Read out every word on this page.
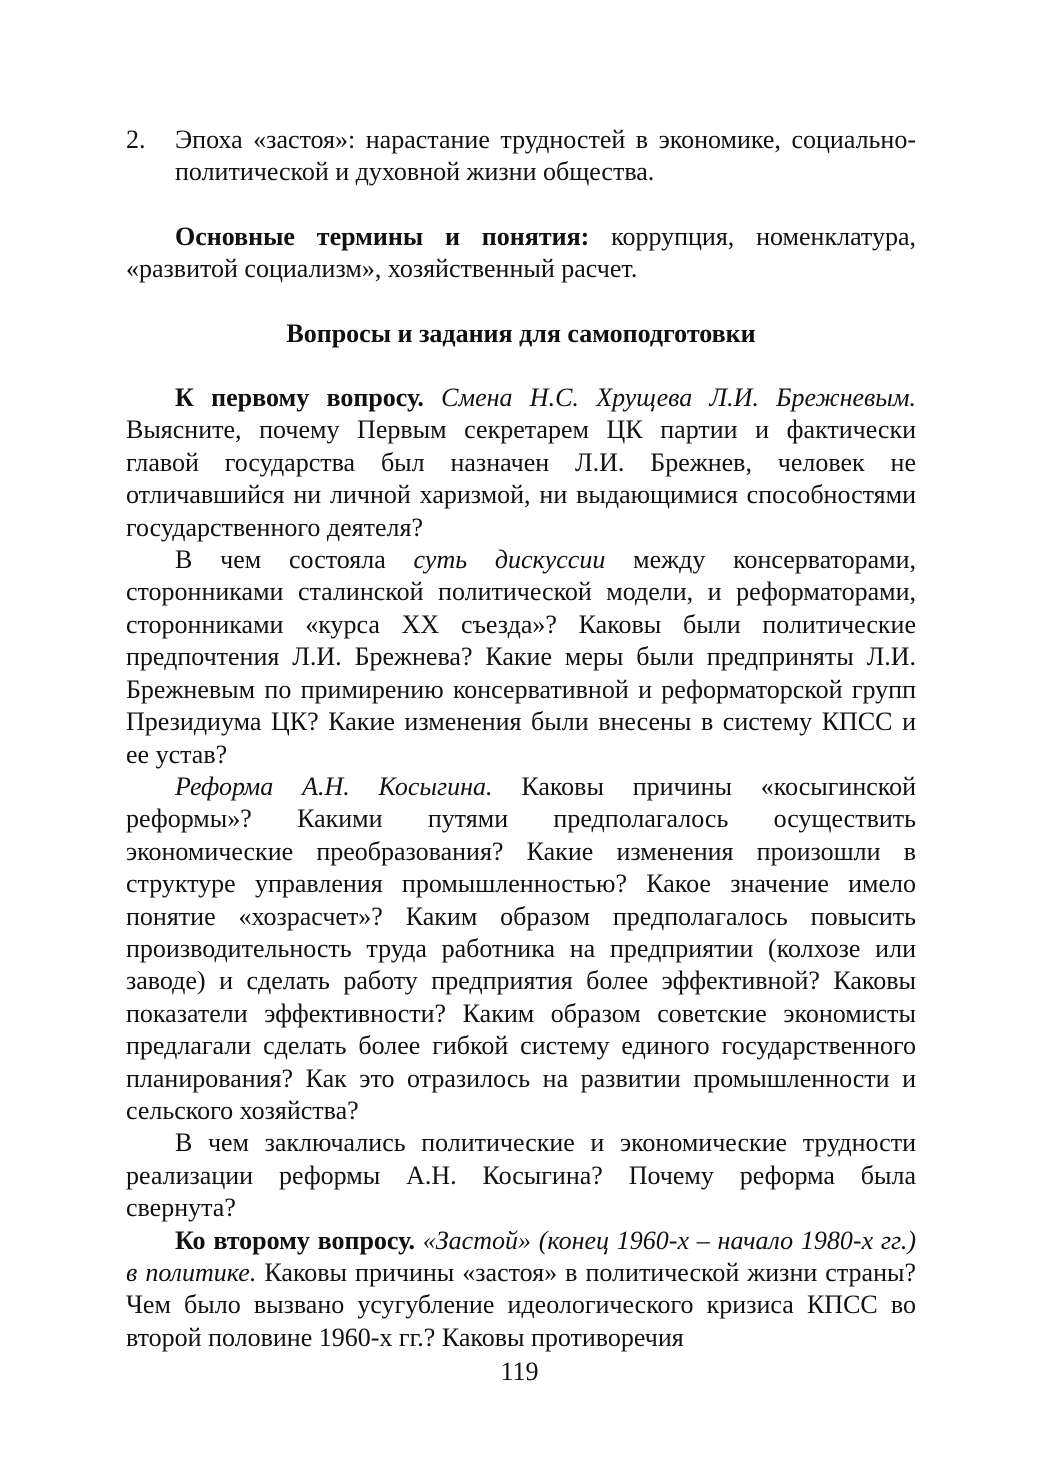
2.	Эпоха «застоя»: нарастание трудностей в экономике, социально-политической и духовной жизни общества.

Основные термины и понятия: коррупция, номенклатура, «развитой социализм», хозяйственный расчет.

Вопросы и задания для самоподготовки

К первому вопросу. Смена Н.С. Хрущева Л.И. Брежневым. Выясните, почему Первым секретарем ЦК партии и фактически главой государства был назначен Л.И. Брежнев, человек не отличавшийся ни личной харизмой, ни выдающимися способностями государственного деятеля?

В чем состояла суть дискуссии между консерваторами, сторонниками сталинской политической модели, и реформаторами, сторонниками «курса XX съезда»? Каковы были политические предпочтения Л.И. Брежнева? Какие меры были предприняты Л.И. Брежневым по примирению консервативной и реформаторской групп Президиума ЦК? Какие изменения были внесены в систему КПСС и ее устав?

Реформа А.Н. Косыгина. Каковы причины «косыгинской реформы»? Какими путями предполагалось осуществить экономические преобразования? Какие изменения произошли в структуре управления промышленностью? Какое значение имело понятие «хозрасчет»? Каким образом предполагалось повысить производительность труда работника на предприятии (колхозе или заводе) и сделать работу предприятия более эффективной? Каковы показатели эффективности? Каким образом советские экономисты предлагали сделать более гибкой систему единого государственного планирования? Как это отразилось на развитии промышленности и сельского хозяйства?

В чем заключались политические и экономические трудности реализации реформы А.Н. Косыгина? Почему реформа была свернута?

Ко второму вопросу. «Застой» (конец 1960-х – начало 1980-х гг.) в политике. Каковы причины «застоя» в политической жизни страны? Чем было вызвано усугубление идеологического кризиса КПСС во второй половине 1960-х гг.? Каковы противоречия

119
